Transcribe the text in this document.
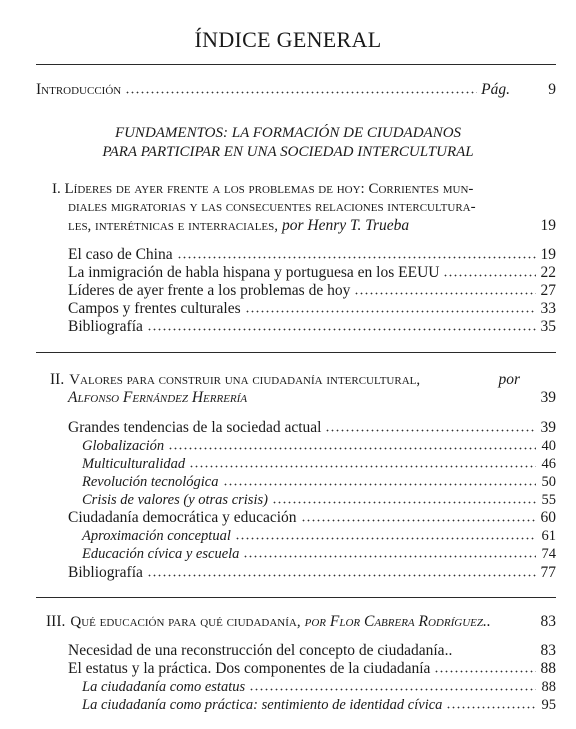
ÍNDICE GENERAL
Introducción	Pág.	9
FUNDAMENTOS: LA FORMACIÓN DE CIUDADANOS
PARA PARTICIPAR EN UNA SOCIEDAD INTERCULTURAL
I. Líderes de ayer frente a los problemas de hoy: Corrientes mun-
diales migratorias y las consecuentes relaciones intercultura-
les, interétnicas e interraciales, por Henry T. Trueba	19
El caso de China	19
La inmigración de habla hispana y portuguesa en los EEUU	22
Líderes de ayer frente a los problemas de hoy	27
Campos y frentes culturales	33
Bibliografía	35
II. Valores para construir una ciudadanía intercultural,	por
Alfonso Fernández Herrería	39
Grandes tendencias de la sociedad actual	39
Globalización	40
Multiculturalidad	46
Revolución tecnológica	50
Crisis de valores (y otras crisis)	55
Ciudadanía democrática y educación	60
Aproximación conceptual	61
Educación cívica y escuela	74
Bibliografía	77
III. Qué educación para qué ciudadanía, por Flor Cabrera Rodríguez..	83
Necesidad de una reconstrucción del concepto de ciudadanía..	83
El estatus y la práctica. Dos componentes de la ciudadanía	88
La ciudadanía como estatus	88
La ciudadanía como práctica: sentimiento de identidad cívica	95
